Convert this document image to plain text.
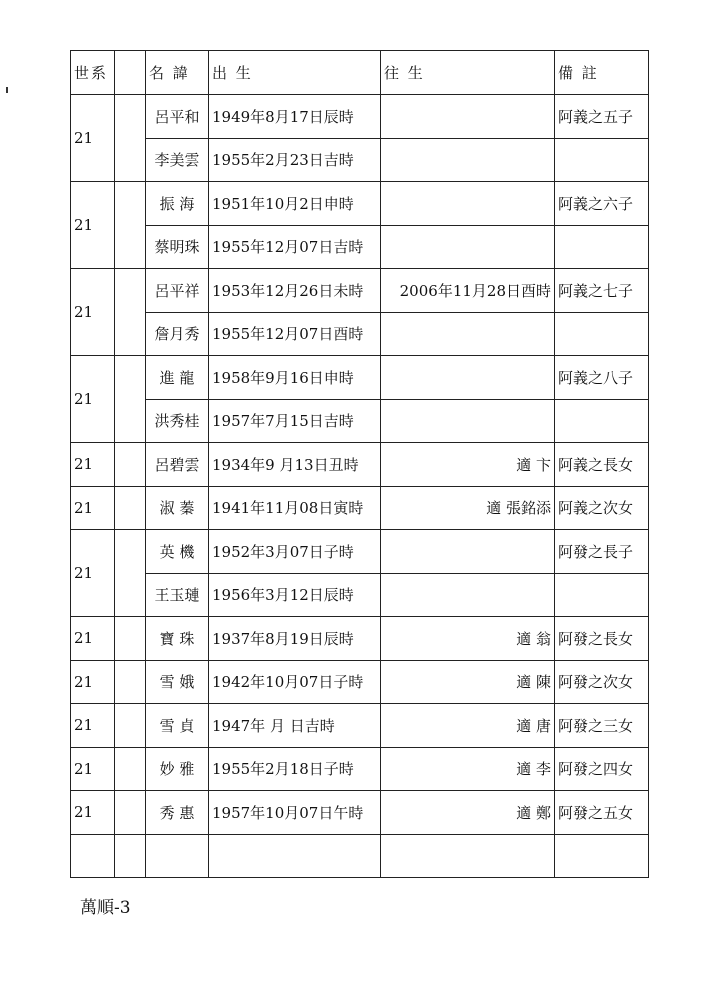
世系		名 諱	出 生	往 生	備 註
21		呂平和	1949年8月17日辰時		阿義之五子
		李美雲	1955年2月23日吉時		
21		振 海	1951年10月2日申時		阿義之六子
		蔡明珠	1955年12月07日吉時		
21		呂平祥	1953年12月26日未時	2006年11月28日酉時	阿義之七子
		詹月秀	1955年12月07日酉時		
21		進 龍	1958年9月16日申時		阿義之八子
		洪秀桂	1957年7月15日吉時		
21		呂碧雲	1934年9 月13日丑時	適 卞	阿義之長女
21		淑 蓁	1941年11月08日寅時	適 張銘添	阿義之次女
21		英 機	1952年3月07日子時		阿發之長子
		王玉璉	1956年3月12日辰時		
21		寶 珠	1937年8月19日辰時	適 翁	阿發之長女
21		雪 娥	1942年10月07日子時	適 陳	阿發之次女
21		雪 貞	1947年 月 日吉時	適 唐	阿發之三女
21		妙 雅	1955年2月18日子時	適 李	阿發之四女
21		秀 惠	1957年10月07日午時	適 鄭	阿發之五女

萬順-3
